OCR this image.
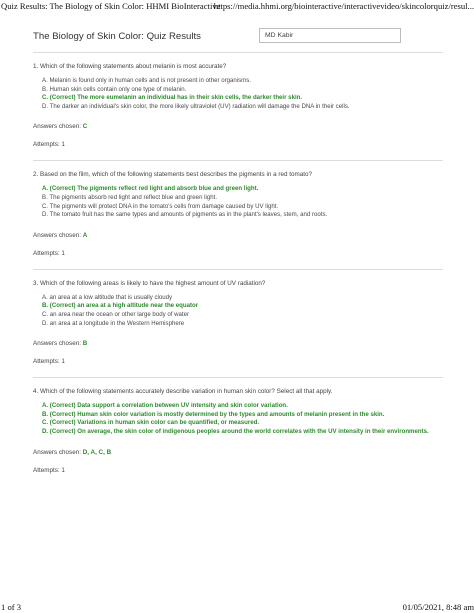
Quiz Results: The Biology of Skin Color: HHMI BioInteractive
https://media.hhmi.org/biointeractive/interactivevideo/skincolorquiz/resul...
The Biology of Skin Color: Quiz Results
MD Kabir
1. Which of the following statements about melanin is most accurate?
A. Melanin is found only in human cells and is not present in other organisms.
B. Human skin cells contain only one type of melanin.
C. (Correct) The more eumelanin an individual has in their skin cells, the darker their skin.
D. The darker an individual's skin color, the more likely ultraviolet (UV) radiation will damage the DNA in their cells.
Answers chosen: C
Attempts: 1
2. Based on the film, which of the following statements best describes the pigments in a red tomato?
A. (Correct) The pigments reflect red light and absorb blue and green light.
B. The pigments absorb red light and reflect blue and green light.
C. The pigments will protect DNA in the tomato's cells from damage caused by UV light.
D. The tomato fruit has the same types and amounts of pigments as in the plant's leaves, stem, and roots.
Answers chosen: A
Attempts: 1
3. Which of the following areas is likely to have the highest amount of UV radiation?
A. an area at a low altitude that is usually cloudy
B. (Correct) an area at a high altitude near the equator
C. an area near the ocean or other large body of water
D. an area at a longitude in the Western Hemisphere
Answers chosen: B
Attempts: 1
4. Which of the following statements accurately describe variation in human skin color? Select all that apply.
A. (Correct) Data support a correlation between UV intensity and skin color variation.
B. (Correct) Human skin color variation is mostly determined by the types and amounts of melanin present in the skin.
C. (Correct) Variations in human skin color can be quantified, or measured.
D. (Correct) On average, the skin color of indigenous peoples around the world correlates with the UV intensity in their environments.
Answers chosen: D, A, C, B
Attempts: 1
1 of 3	01/05/2021, 8:48 am
